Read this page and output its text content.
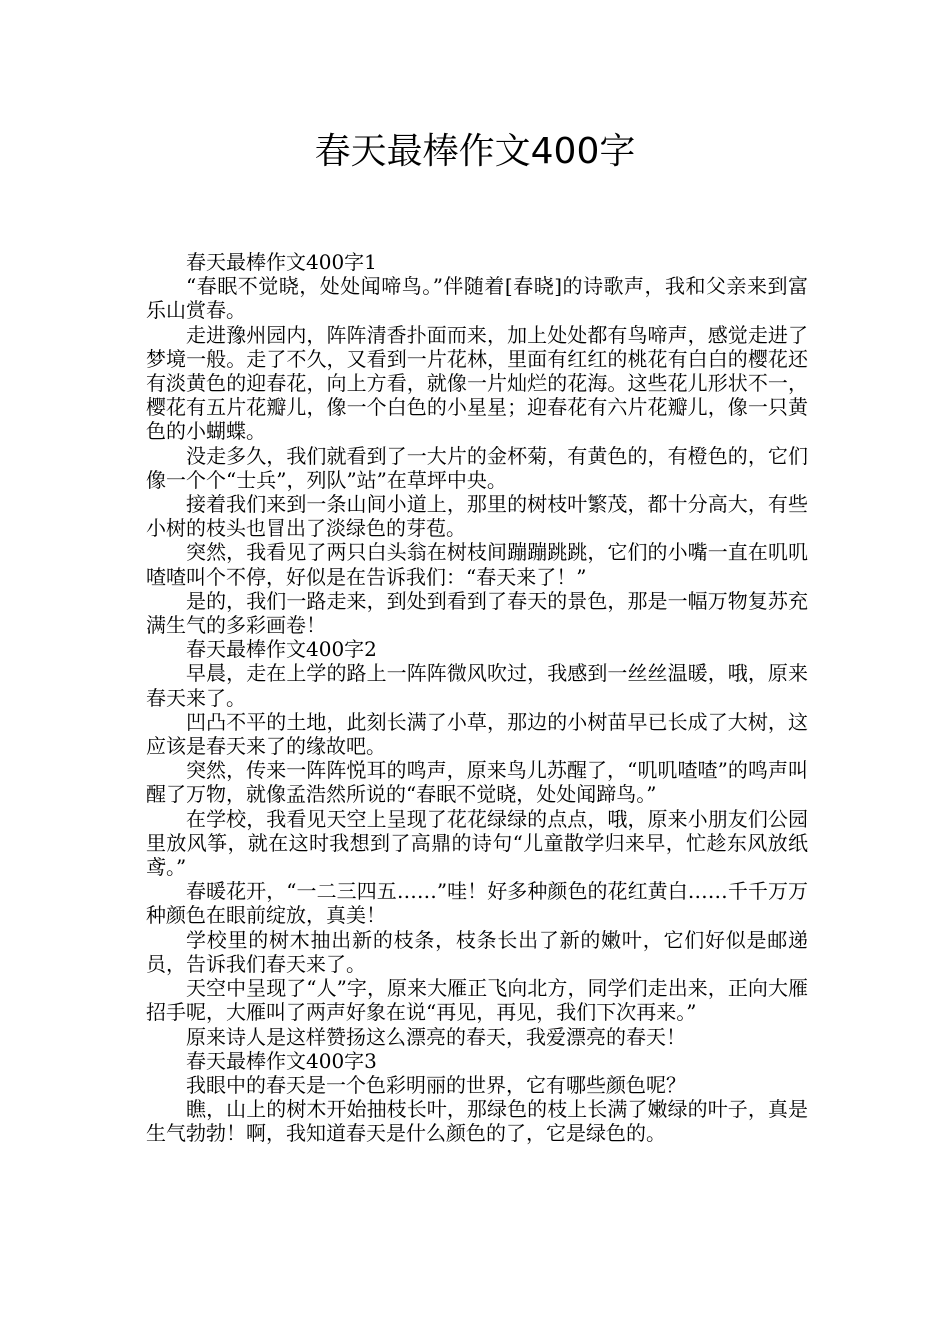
春天最棒作文400字

春天最棒作文400字1

“春眠不觉晓，处处闻啼鸟。”伴随着[春晓]的诗歌声，我和父亲来到富乐山赏春。

走进豫州园内，阵阵清香扑面而来，加上处处都有鸟啼声，感觉走进了梦境一般。走了不久，又看到一片花林，里面有红红的桃花有白白的樱花还有淡黄色的迎春花，向上方看，就像一片灿烂的花海。这些花儿形状不一，樱花有五片花瓣儿，像一个白色的小星星；迎春花有六片花瓣儿，像一只黄色的小蝴蝶。

没走多久，我们就看到了一大片的金杯菊，有黄色的，有橙色的，它们像一个个“士兵”，列队”站”在草坪中央。

接着我们来到一条山间小道上，那里的树枝叶繁茂，都十分高大，有些小树的枝头也冒出了淡绿色的芽苞。

突然，我看见了两只白头翁在树枝间蹦蹦跳跳，它们的小嘴一直在叽叽喳喳叫个不停，好似是在告诉我们：“春天来了！”

是的，我们一路走来，到处到看到了春天的景色，那是一幅万物复苏充满生气的多彩画卷！

春天最棒作文400字2

早晨，走在上学的路上一阵阵微风吹过，我感到一丝丝温暖，哦，原来春天来了。

凹凸不平的土地，此刻长满了小草，那边的小树苗早已长成了大树，这应该是春天来了的缘故吧。

突然，传来一阵阵悦耳的鸣声，原来鸟儿苏醒了，“叽叽喳喳”的鸣声叫醒了万物，就像孟浩然所说的“春眠不觉晓，处处闻蹄鸟。”

在学校，我看见天空上呈现了花花绿绿的点点，哦，原来小朋友们公园里放风筝，就在这时我想到了高鼎的诗句“儿童散学归来早，忙趁东风放纸鸢。”

春暖花开，“一二三四五……”哇！好多种颜色的花红黄白……千千万万种颜色在眼前绽放，真美！

学校里的树木抽出新的枝条，枝条长出了新的嫩叶，它们好似是邮递员，告诉我们春天来了。

天空中呈现了“人”字，原来大雁正飞向北方，同学们走出来，正向大雁招手呢，大雁叫了两声好象在说“再见，再见，我们下次再来。”

原来诗人是这样赞扬这么漂亮的春天，我爱漂亮的春天！

春天最棒作文400字3

我眼中的春天是一个色彩明丽的世界，它有哪些颜色呢？

瞧，山上的树木开始抽枝长叶，那绿色的枝上长满了嫩绿的叶子，真是生气勃勃！啊，我知道春天是什么颜色的了，它是绿色的。
